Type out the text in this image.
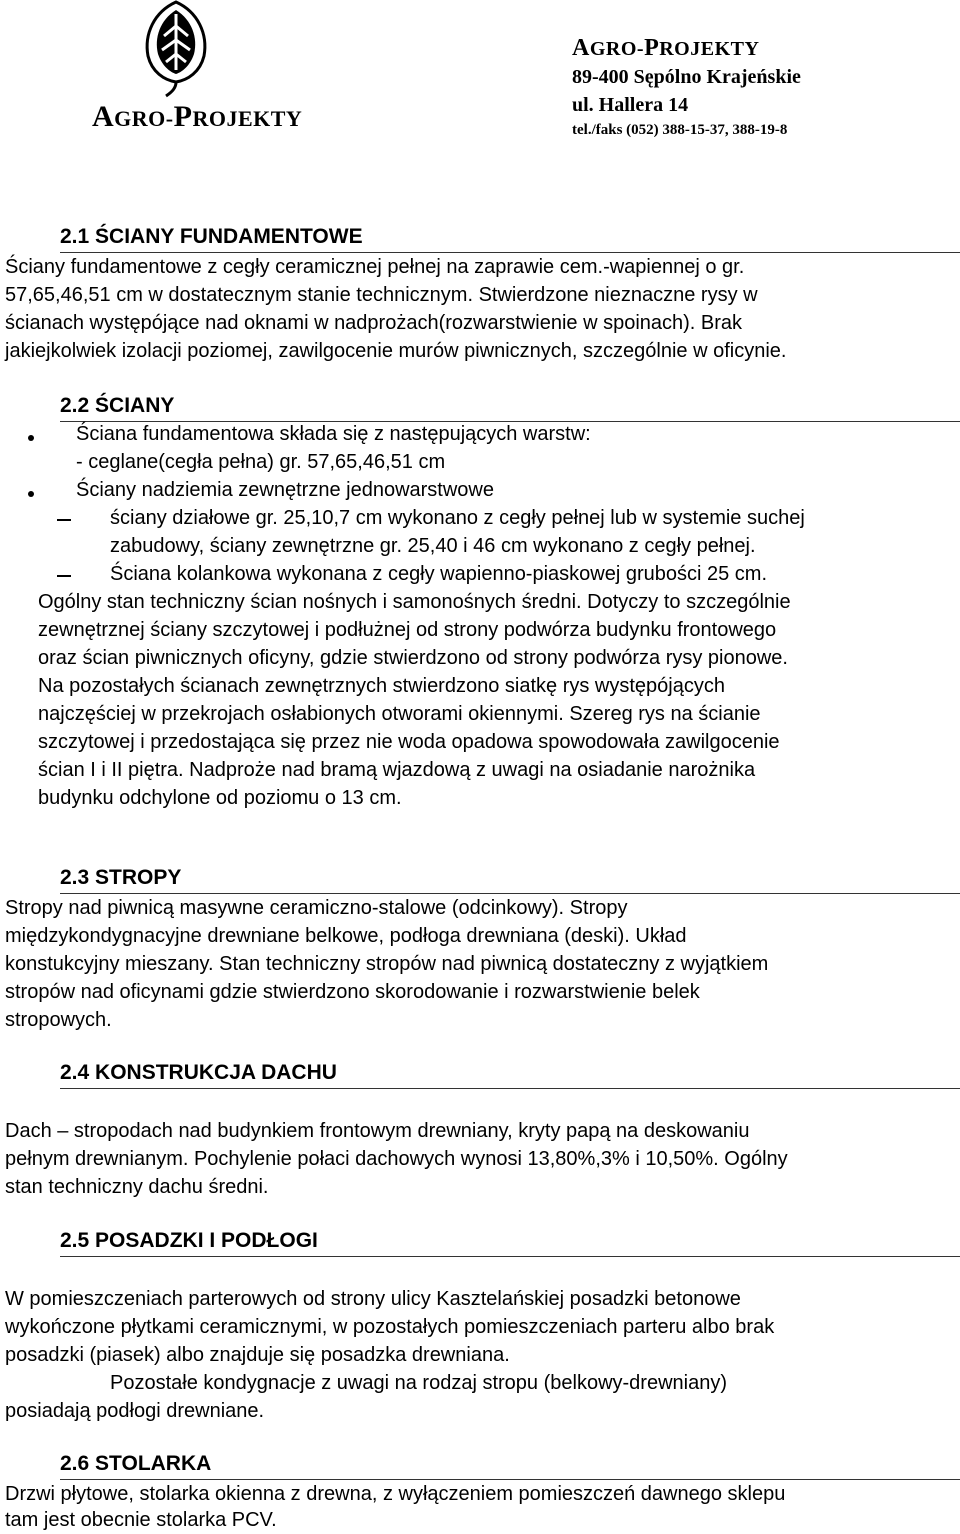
AGRO-PROJEKTY
AGRO-PROJEKTY
89-400 Sępólno Krajeńskie
ul. Hallera 14
tel./faks (052) 388-15-37, 388-19-8
2.1 ŚCIANY FUNDAMENTOWE
Ściany fundamentowe z cegły ceramicznej pełnej na zaprawie cem.-wapiennej o gr.
57,65,46,51 cm w dostatecznym stanie technicznym. Stwierdzone nieznaczne rysy w
ścianach występójące nad oknami w nadprożach(rozwarstwienie w spoinach). Brak
jakiejkolwiek izolacji poziomej, zawilgocenie murów piwnicznych, szczególnie w oficynie.
2.2 ŚCIANY
Ściana fundamentowa składa się z następujących warstw:
- ceglane(cegła pełna) gr. 57,65,46,51 cm
Ściany nadziemia zewnętrzne jednowarstwowe
ściany działowe gr. 25,10,7 cm wykonano z cegły pełnej lub w systemie suchej
zabudowy, ściany zewnętrzne gr. 25,40 i 46 cm wykonano z cegły pełnej.
Ściana kolankowa wykonana z cegły wapienno-piaskowej grubości 25 cm.
Ogólny stan techniczny ścian nośnych i samonośnych średni. Dotyczy to szczególnie
zewnętrznej ściany szczytowej i podłużnej od strony podwórza budynku frontowego
oraz ścian piwnicznych oficyny, gdzie stwierdzono od strony podwórza rysy pionowe.
Na pozostałych ścianach zewnętrznych stwierdzono siatkę rys występójących
najczęściej w przekrojach osłabionych otworami okiennymi. Szereg rys na ścianie
szczytowej i przedostająca się przez nie woda opadowa spowodowała zawilgocenie
ścian I i II piętra. Nadproże nad bramą wjazdową z uwagi na osiadanie narożnika
budynku odchylone od poziomu o 13 cm.
2.3 STROPY
Stropy nad piwnicą masywne ceramiczno-stalowe (odcinkowy). Stropy
międzykondygnacyjne drewniane belkowe, podłoga drewniana (deski). Układ
konstukcyjny mieszany. Stan techniczny stropów nad piwnicą dostateczny z wyjątkiem
stropów nad oficynami gdzie stwierdzono skorodowanie i rozwarstwienie belek
stropowych.
2.4 KONSTRUKCJA DACHU
Dach – stropodach nad budynkiem frontowym drewniany, kryty papą na deskowaniu
pełnym drewnianym. Pochylenie połaci dachowych wynosi 13,80%,3% i 10,50%. Ogólny
stan techniczny dachu średni.
2.5 POSADZKI I PODŁOGI
W pomieszczeniach parterowych od strony ulicy Kasztelańskiej posadzki betonowe
wykończone płytkami ceramicznymi, w pozostałych pomieszczeniach parteru albo brak
posadzki (piasek) albo znajduje się posadzka drewniana.
Pozostałe kondygnacje z uwagi na rodzaj stropu (belkowy-drewniany)
posiadają podłogi drewniane.
2.6 STOLARKA
Drzwi płytowe, stolarka okienna z drewna, z wyłączeniem pomieszczeń dawnego sklepu
tam jest obecnie stolarka PCV.
